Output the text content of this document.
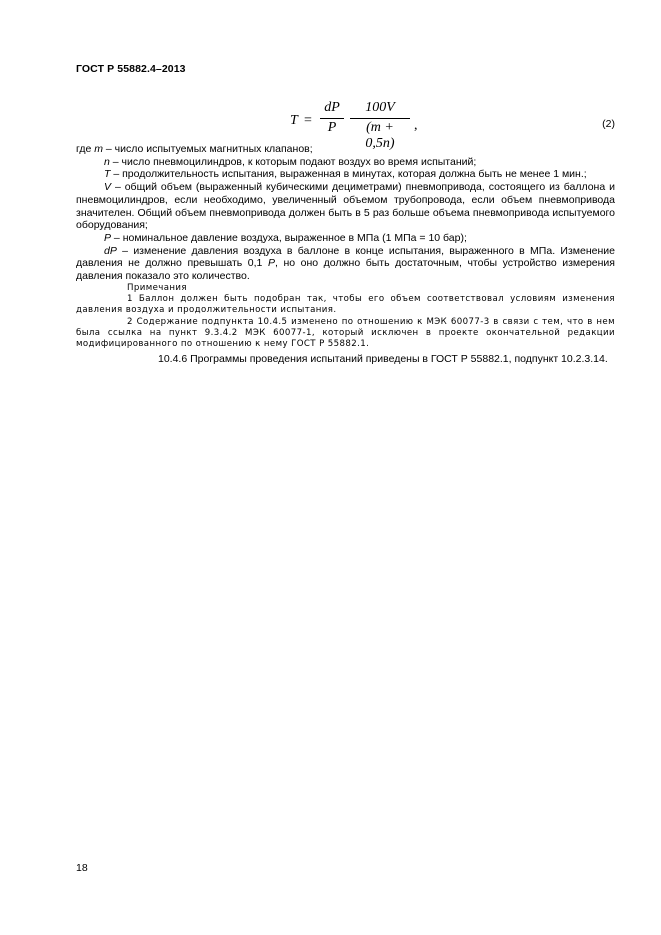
ГОСТ Р 55882.4–2013
T =
dP
P
100V
(m + 0,5n)
,	(2)

где m – число испытуемых магнитных клапанов;

n – число пневмоцилиндров, к которым подают воздух во время испытаний;

T – продолжительность испытания, выраженная в минутах, которая должна быть не менее 1 мин.;

V – общий объем (выраженный кубическими дециметрами) пневмопривода, состоящего из баллона и пневмоцилиндров, если необходимо, увеличенный объемом трубопровода, если объем пневмопривода значителен. Общий объем пневмопривода должен быть в 5 раз больше объема пневмопривода испытуемого оборудования;

P – номинальное давление воздуха, выраженное в МПа (1 МПа = 10 бар);

dP – изменение давления воздуха в баллоне в конце испытания, выраженного в МПа. Изменение давления не должно превышать 0,1 P, но оно должно быть достаточным, чтобы устройство измерения давления показало это количество.

Примечания

1 Баллон должен быть подобран так, чтобы его объем соответствовал условиям изменения давления воздуха и продолжительности испытания.

2 Содержание подпункта 10.4.5 изменено по отношению к МЭК 60077-3 в связи с тем, что в нем была ссылка на пункт 9.3.4.2 МЭК 60077-1, который исключен в проекте окончательной редакции модифицированного по отношению к нему ГОСТ Р 55882.1.

10.4.6 Программы проведения испытаний приведены в ГОСТ Р 55882.1, подпункт 10.2.3.14.

18
